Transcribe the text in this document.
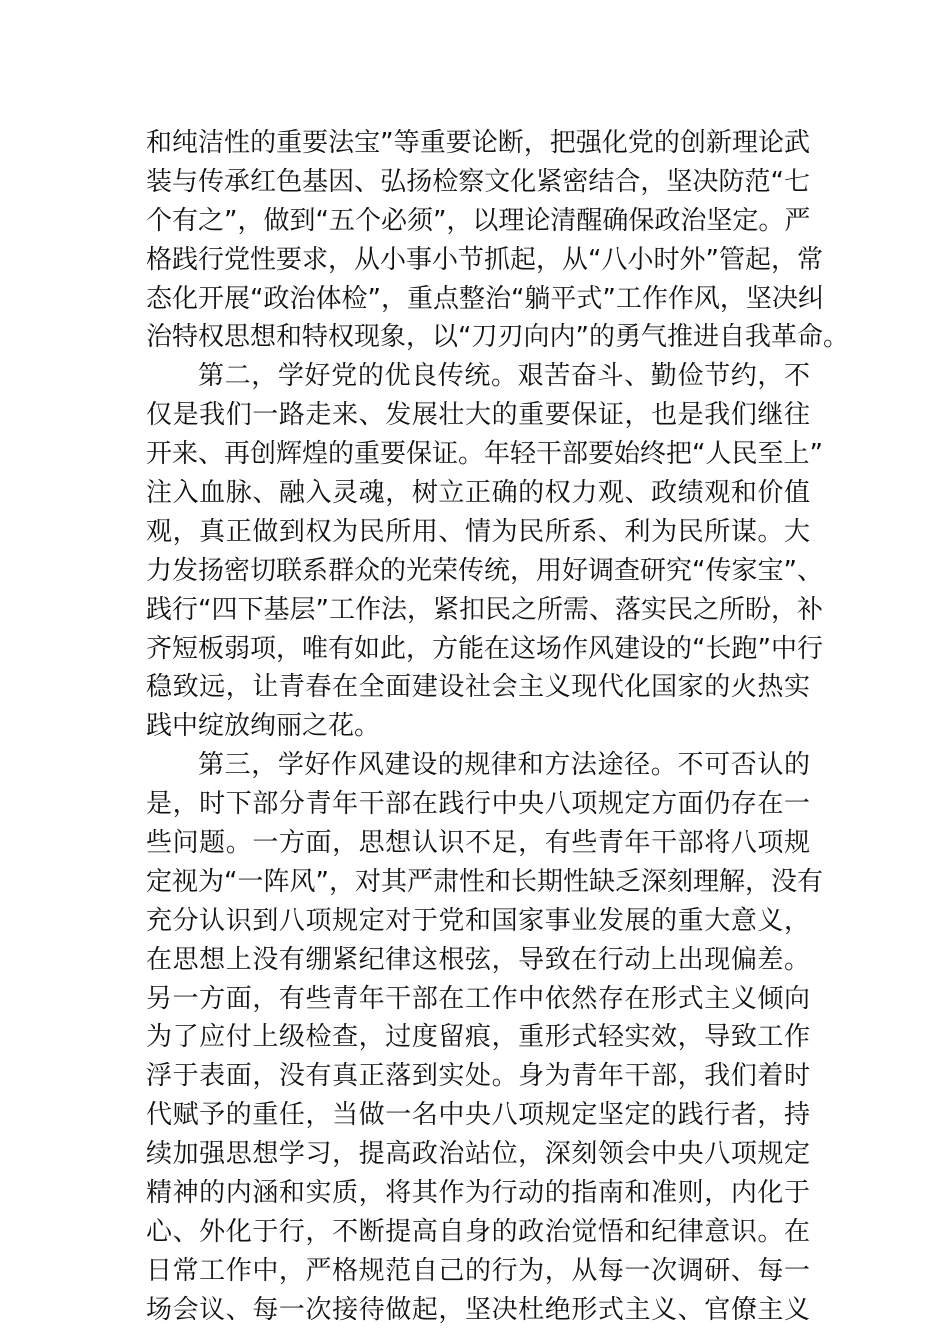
和纯洁性的重要法宝”等重要论断，把强化党的创新理论武
装与传承红色基因、弘扬检察文化紧密结合，坚决防范“七
个有之”，做到“五个必须”，以理论清醒确保政治坚定。严
格践行党性要求，从小事小节抓起，从“八小时外”管起，常
态化开展“政治体检”，重点整治“躺平式”工作作风，坚决纠
治特权思想和特权现象，以“刀刃向内”的勇气推进自我革命。
第二，学好党的优良传统。艰苦奋斗、勤俭节约，不
仅是我们一路走来、发展壮大的重要保证，也是我们继往
开来、再创辉煌的重要保证。年轻干部要始终把“人民至上”
注入血脉、融入灵魂，树立正确的权力观、政绩观和价值
观，真正做到权为民所用、情为民所系、利为民所谋。大
力发扬密切联系群众的光荣传统，用好调查研究“传家宝”、
践行“四下基层”工作法，紧扣民之所需、落实民之所盼，补
齐短板弱项，唯有如此，方能在这场作风建设的“长跑”中行
稳致远，让青春在全面建设社会主义现代化国家的火热实
践中绽放绚丽之花。
第三，学好作风建设的规律和方法途径。不可否认的
是，时下部分青年干部在践行中央八项规定方面仍存在一
些问题。一方面，思想认识不足，有些青年干部将八项规
定视为“一阵风”，对其严肃性和长期性缺乏深刻理解，没有
充分认识到八项规定对于党和国家事业发展的重大意义，
在思想上没有绷紧纪律这根弦，导致在行动上出现偏差。
另一方面，有些青年干部在工作中依然存在形式主义倾向
为了应付上级检查，过度留痕，重形式轻实效，导致工作
浮于表面，没有真正落到实处。身为青年干部，我们着时
代赋予的重任，当做一名中央八项规定坚定的践行者，持
续加强思想学习，提高政治站位，深刻领会中央八项规定
精神的内涵和实质，将其作为行动的指南和准则，内化于
心、外化于行，不断提高自身的政治觉悟和纪律意识。在
日常工作中，严格规范自己的行为，从每一次调研、每一
场会议、每一次接待做起，坚决杜绝形式主义、官僚主义
